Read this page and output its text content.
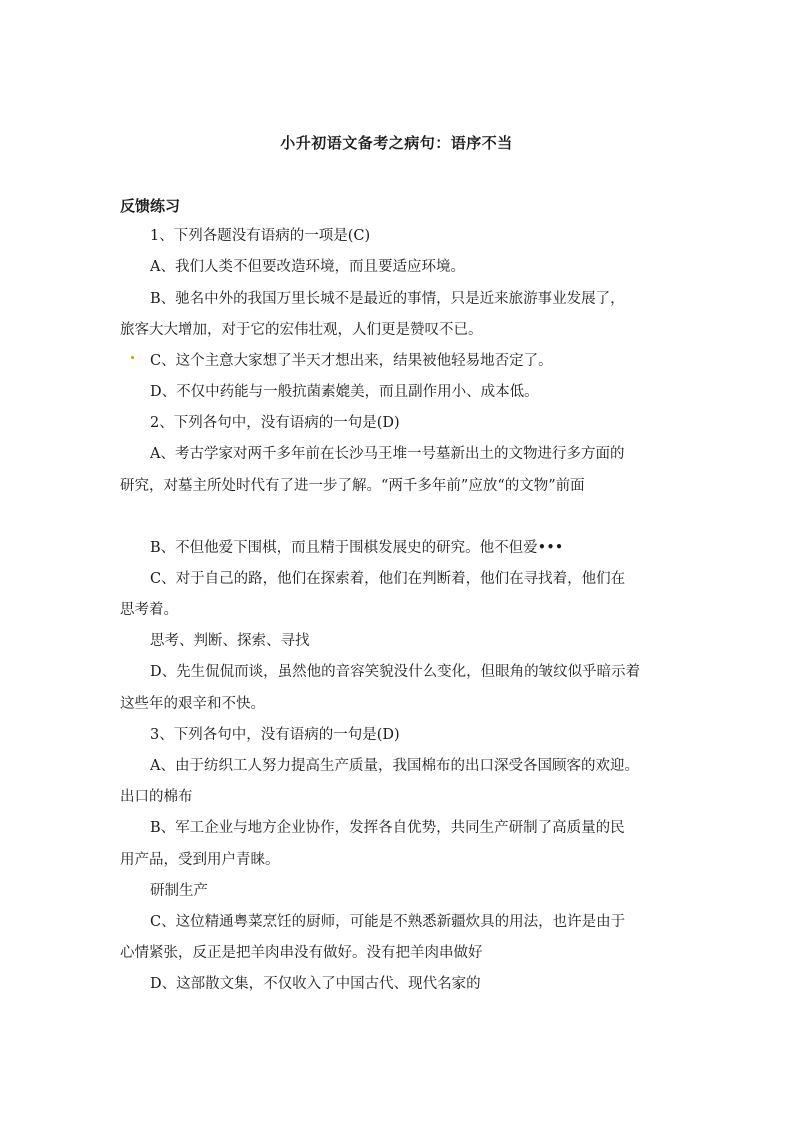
小升初语文备考之病句：语序不当
反馈练习
1、下列各题没有语病的一项是(C)
A、我们人类不但要改造环境，而且要适应环境。
B、驰名中外的我国万里长城不是最近的事情，只是近来旅游事业发展了，
旅客大大增加，对于它的宏伟壮观，人们更是赞叹不已。
C、这个主意大家想了半天才想出来，结果被他轻易地否定了。
D、不仅中药能与一般抗菌素媲美，而且副作用小、成本低。
2、下列各句中，没有语病的一句是(D)
A、考古学家对两千多年前在长沙马王堆一号墓新出土的文物进行多方面的
研究，对墓主所处时代有了进一步了解。“两千多年前”应放“的文物”前面
B、不但他爱下围棋，而且精于围棋发展史的研究。他不但爱•••
C、对于自己的路，他们在探索着，他们在判断着，他们在寻找着，他们在
思考着。
思考、判断、探索、寻找
D、先生侃侃而谈，虽然他的音容笑貌没什么变化，但眼角的皱纹似乎暗示着
这些年的艰辛和不快。
3、下列各句中，没有语病的一句是(D)
A、由于纺织工人努力提高生产质量，我国棉布的出口深受各国顾客的欢迎。
出口的棉布
B、军工企业与地方企业协作，发挥各自优势，共同生产研制了高质量的民
用产品，受到用户青睐。
研制生产
C、这位精通粤菜烹饪的厨师，可能是不熟悉新疆炊具的用法，也许是由于
心情紧张，反正是把羊肉串没有做好。没有把羊肉串做好
D、这部散文集，不仅收入了中国古代、现代名家的
